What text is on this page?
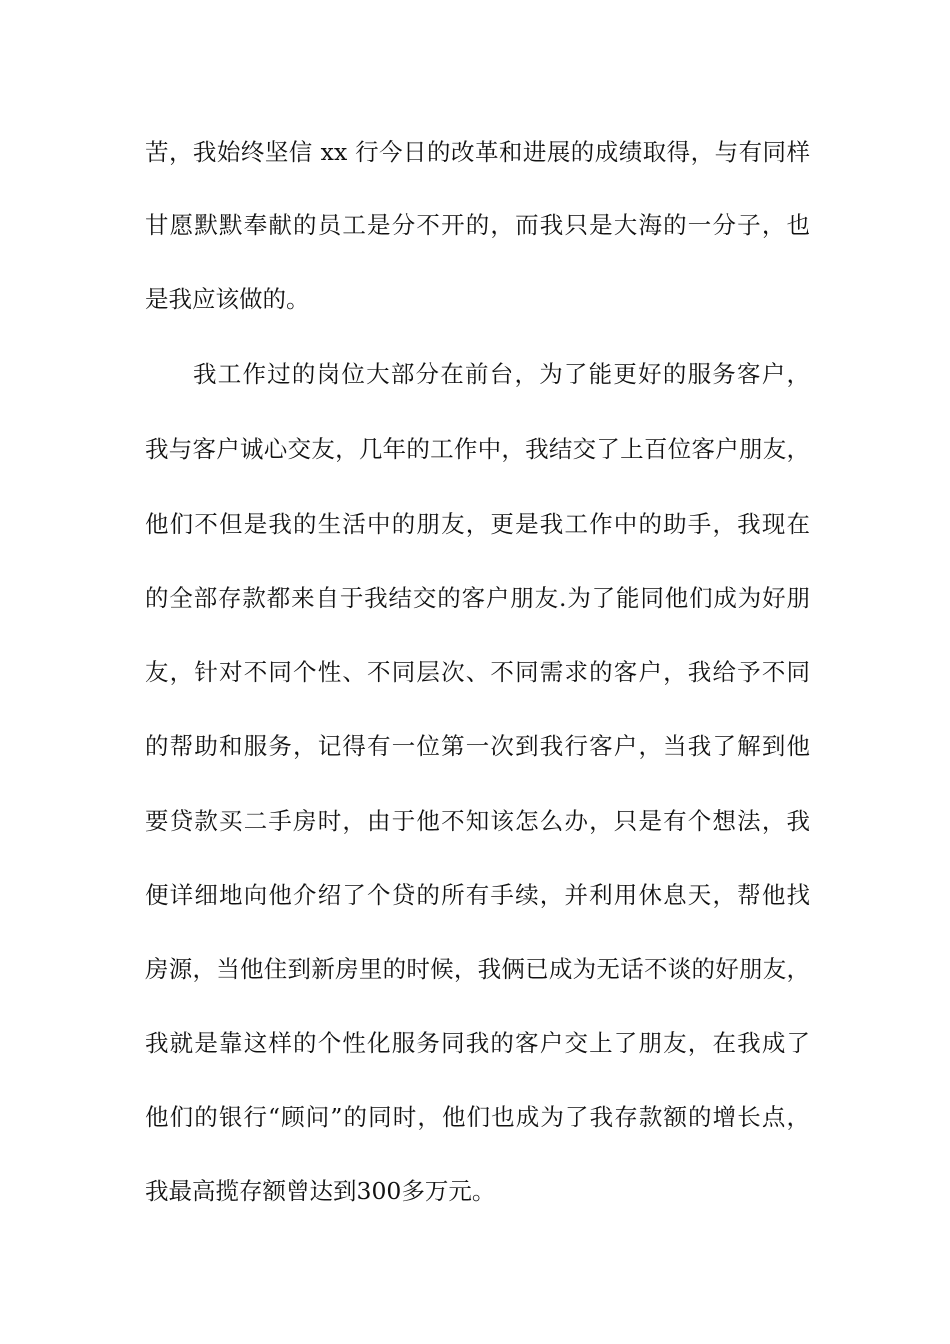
苦，我始终坚信 xx 行今日的改革和进展的成绩取得，与有同样
甘愿默默奉献的员工是分不开的，而我只是大海的一分子，也
是我应该做的。
我工作过的岗位大部分在前台，为了能更好的服务客户，
我与客户诚心交友，几年的工作中，我结交了上百位客户朋友，
他们不但是我的生活中的朋友，更是我工作中的助手，我现在
的全部存款都来自于我结交的客户朋友.为了能同他们成为好朋
友，针对不同个性、不同层次、不同需求的客户，我给予不同
的帮助和服务，记得有一位第一次到我行客户，当我了解到他
要贷款买二手房时，由于他不知该怎么办，只是有个想法，我
便详细地向他介绍了个贷的所有手续，并利用休息天，帮他找
房源，当他住到新房里的时候，我俩已成为无话不谈的好朋友，
我就是靠这样的个性化服务同我的客户交上了朋友，在我成了
他们的银行“顾问”的同时，他们也成为了我存款额的增长点，
我最高揽存额曾达到300多万元。
